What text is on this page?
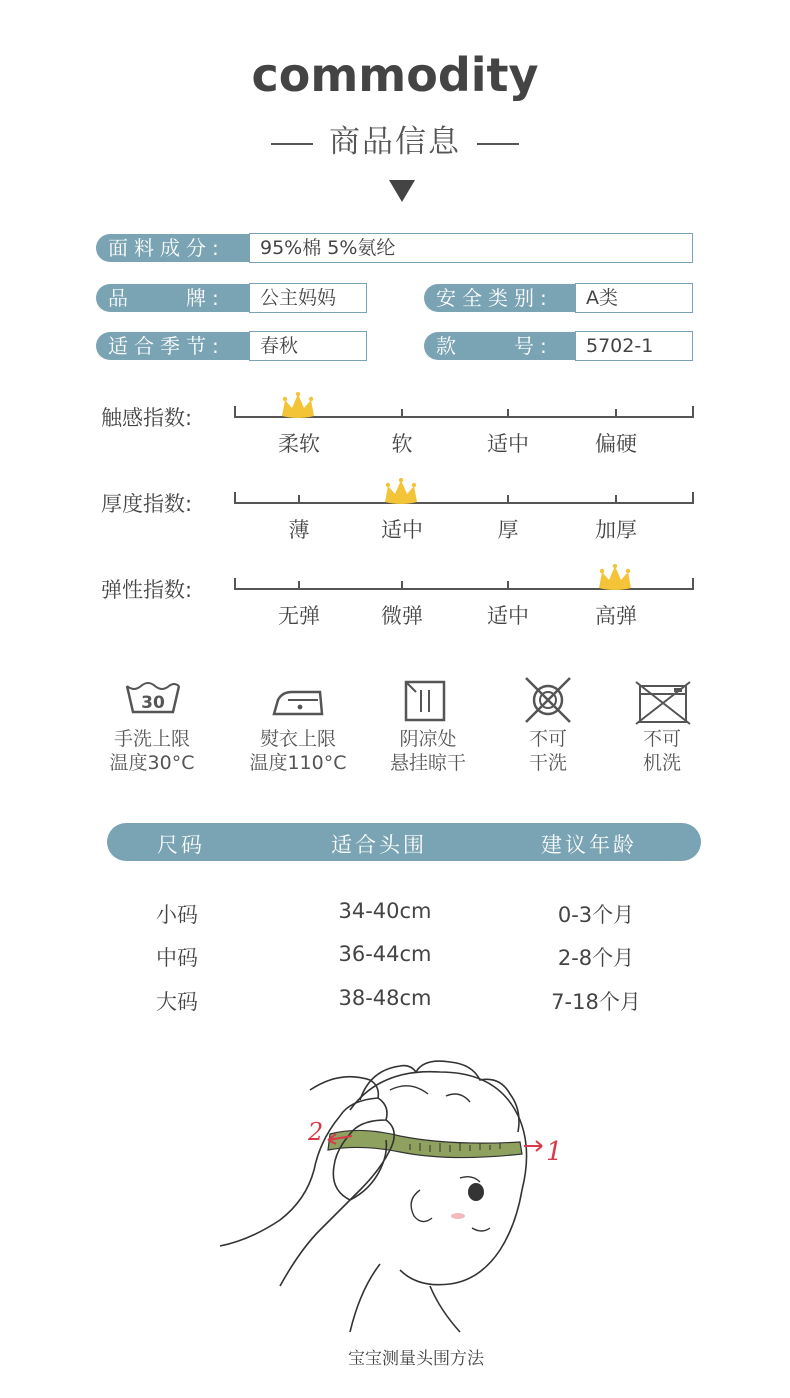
commodity
商品信息
面料成分:	95%棉 5%氨纶
品　　牌:	公主妈妈	安全类别:	A类
适合季节:	春秋	款　　号:	5702-1
触感指数:
柔软	软	适中	偏硬
厚度指数:
薄	适中	厚	加厚
弹性指数:
无弹	微弹	适中	高弹
30
手洗上限
温度30°C
熨衣上限
温度110°C
阴凉处
悬挂晾干
不可
干洗
不可
机洗
尺码	适合头围	建议年龄
小码	34-40cm	0-3个月
中码	36-44cm	2-8个月
大码	38-48cm	7-18个月
2
1
宝宝测量头围方法
